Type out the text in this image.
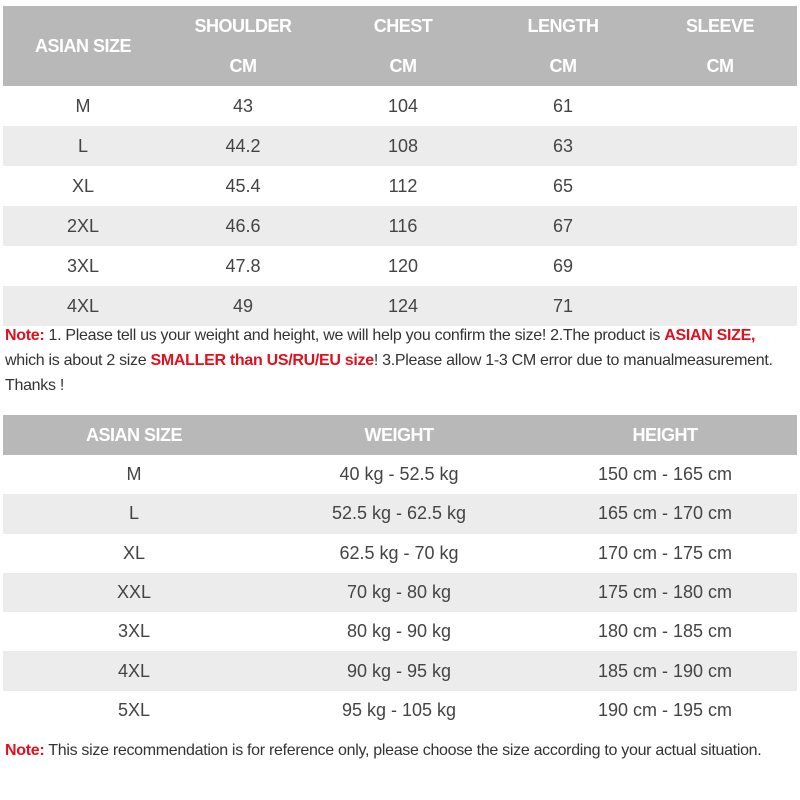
ASIAN SIZE	SHOULDER	CHEST	LENGTH	SLEEVE
	CM	CM	CM	CM
M	43	104	61	
L	44.2	108	63	
XL	45.4	112	65	
2XL	46.6	116	67	
3XL	47.8	120	69	
4XL	49	124	71	
Note: 1. Please tell us your weight and height, we will help you confirm the size! 2.The product is ASIAN SIZE, which is about 2 size SMALLER than US/RU/EU size! 3.Please allow 1-3 CM error due to manualmeasurement. Thanks !
ASIAN SIZE	WEIGHT	HEIGHT
M	40 kg - 52.5 kg	150 cm - 165 cm
L	52.5 kg - 62.5 kg	165 cm - 170 cm
XL	62.5 kg - 70 kg	170 cm - 175 cm
XXL	70 kg - 80 kg	175 cm - 180 cm
3XL	80 kg - 90 kg	180 cm - 185 cm
4XL	90 kg - 95 kg	185 cm - 190 cm
5XL	95 kg - 105 kg	190 cm - 195 cm
Note: This size recommendation is for reference only, please choose the size according to your actual situation.
